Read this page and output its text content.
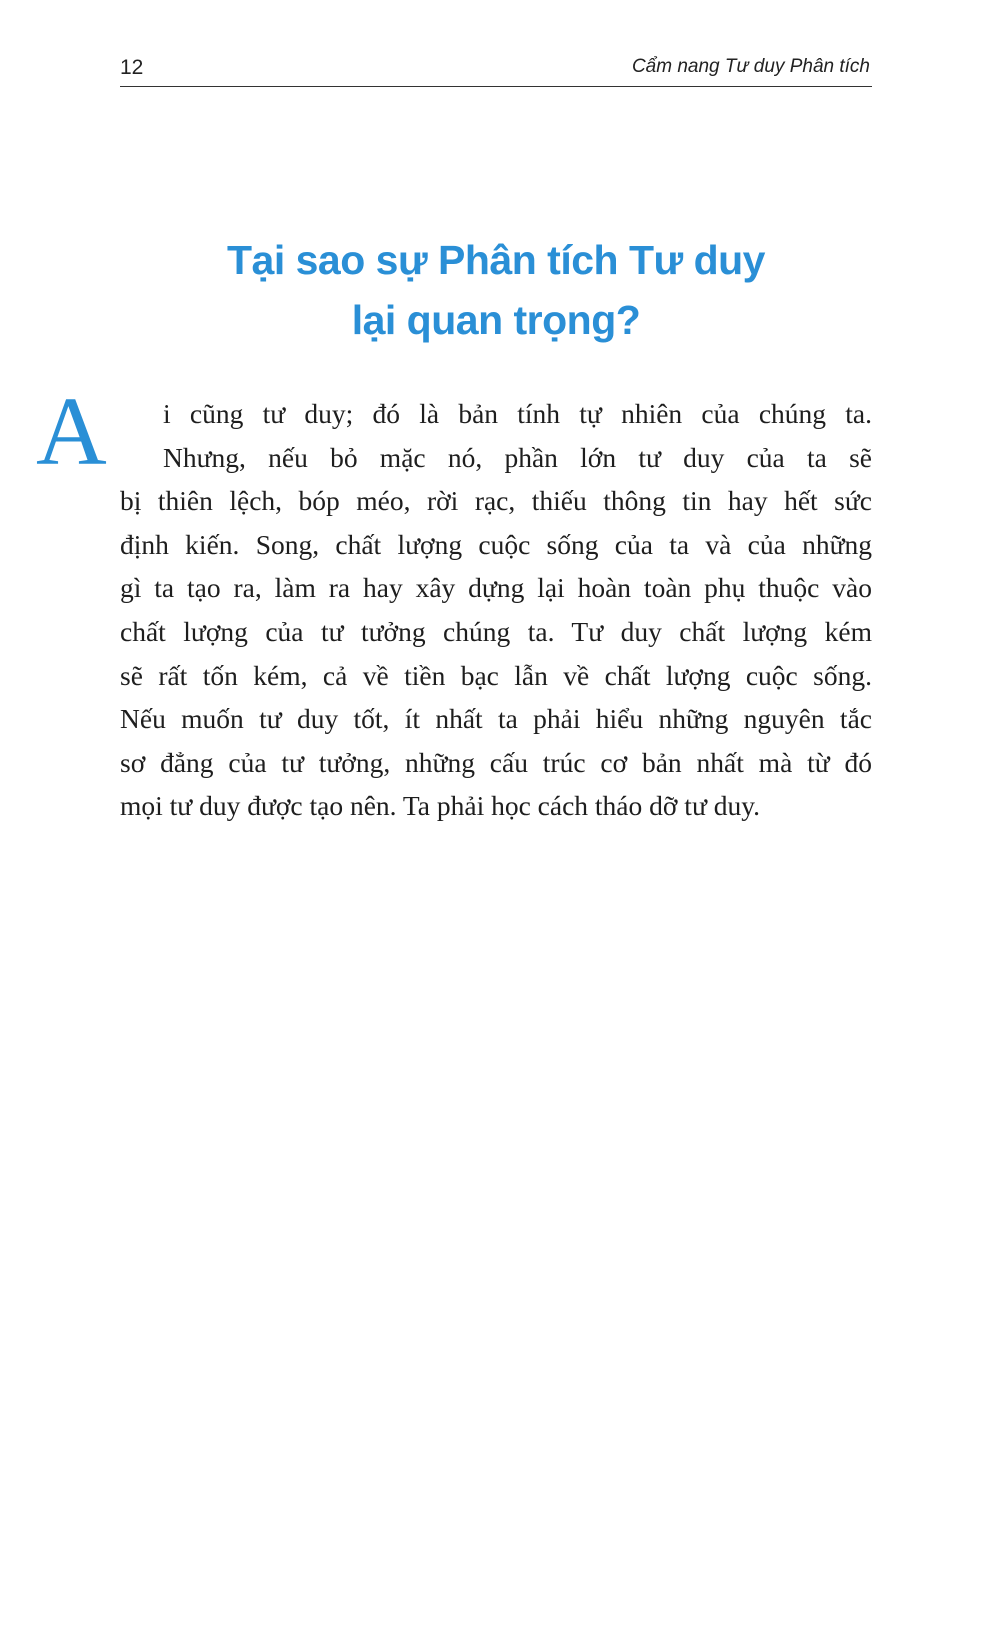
12	Cẩm nang Tư duy Phân tích
Tại sao sự Phân tích Tư duy
lại quan trọng?
A	i cũng tư duy; đó là bản tính tự nhiên của chúng ta.
Nhưng, nếu bỏ mặc nó, phần lớn tư duy của ta sẽ
bị thiên lệch, bóp méo, rời rạc, thiếu thông tin hay hết sức
định kiến. Song, chất lượng cuộc sống của ta và của những
gì ta tạo ra, làm ra hay xây dựng lại hoàn toàn phụ thuộc vào
chất lượng của tư tưởng chúng ta. Tư duy chất lượng kém
sẽ rất tốn kém, cả về tiền bạc lẫn về chất lượng cuộc sống.
Nếu muốn tư duy tốt, ít nhất ta phải hiểu những nguyên tắc
sơ đẳng của tư tưởng, những cấu trúc cơ bản nhất mà từ đó
mọi tư duy được tạo nên. Ta phải học cách tháo dỡ tư duy.
